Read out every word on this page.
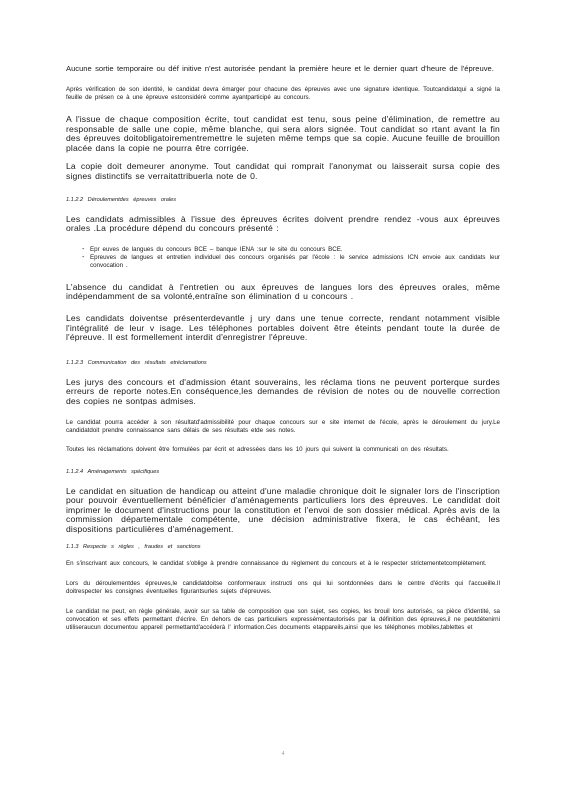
Aucune sortie temporaire ou déf initive n'est autorisée pendant la première heure et le dernier quart d'heure de l'épreuve.

Après vérification de son identité, le candidat devra émarger pour chacune des épreuves avec une signature identique. Toutcandidatqui a signé la feuille de présen ce à une épreuve estconsidéré comme ayantparticipé au concours.

A l'issue de chaque composition écrite, tout candidat est tenu, sous peine d'élimination, de remettre au responsable de salle une copie, même blanche, qui sera alors signée. Tout candidat so rtant avant la fin des épreuves doitobligatoirementremettre le sujeten même temps que sa copie. Aucune feuille de brouillon placée dans la copie ne pourra être corrigée.

La copie doit demeurer anonyme. Tout candidat qui romprait l'anonymat ou laisserait sursa copie des signes distinctifs se verraitattribuerla note de 0.

1.1.2.2 Déroulementdes épreuves orales

Les candidats admissibles à l'issue des épreuves écrites doivent prendre rendez -vous aux épreuves orales .La procédure dépend du concours présenté :

- Epr euves de langues du concours BCE – banque IENA :sur le site du concours BCE.
- Epreuves de langues et entretien individuel des concours organisés par l'école : le service admissions ICN envoie aux candidats leur convocation .

L'absence du candidat à l'entretien ou aux épreuves de langues lors des épreuves orales, même indépendamment de sa volonté,entraîne son élimination d u concours .

Les candidats doiventse présenterdevantle j ury dans une tenue correcte, rendant notamment visible l'intégralité de leur v isage. Les téléphones portables doivent être éteints pendant toute la durée de l'épreuve. Il est formellement interdit d'enregistrer l'épreuve.

1.1.2.3 Communication des résultats etréclamations

Les jurys des concours et d'admission étant souverains, les réclama tions ne peuvent porterque surdes erreurs de reporte notes.En conséquence,les demandes de révision de notes ou de nouvelle correction des copies ne sontpas admises.

Le candidat pourra accéder à son résultatd'admissibilité pour chaque concours sur e site internet de l'école, après le déroulement du jury.Le candidatdoit prendre connaissance sans délais de ses résultats etde ses notes.

Toutes les réclamations doivent être formulées par écrit et adressées dans les 10 jours qui suivent la communicati on des résultats.

1.1.2.4 Aménagements spécifiques

Le candidat en situation de handicap ou atteint d'une maladie chronique doit le signaler lors de l'inscription pour pouvoir éventuellement bénéficier d'aménagements particuliers lors des épreuves. Le candidat doit imprimer le document d'instructions pour la constitution et l'envoi de son dossier médical. Après avis de la commission départementale compétente, une décision administrative fixera, le cas échéant, les dispositions particulières d'aménagement.

1.1.3 Respecte s règles , fraudes et sanctions

En s'inscrivant aux concours, le candidat s'oblige à prendre connaissance du règlement du concours et à le respecter strictementetcomplètement.

Lors du déroulementdes épreuves,le candidatdoitse conformeraux instructi ons qui lui sontdonnées dans le centre d'écrits qui l'accueille.Il doitrespecter les consignes éventuelles figurantsurles sujets d'épreuves.

Le candidat ne peut, en règle générale, avoir sur sa table de composition que son sujet, ses copies, les brouil lons autorisés, sa pièce d'identité, sa convocation et ses effets permettant d'écrire. En dehors de cas particuliers expressémentautorisés par la définition des épreuves,il ne peutdétenirni utiliseraucun documentou appareil permettantd'accéderà l' information.Ces documents etappareils,ainsi que les téléphones mobiles,tablettes et

4
